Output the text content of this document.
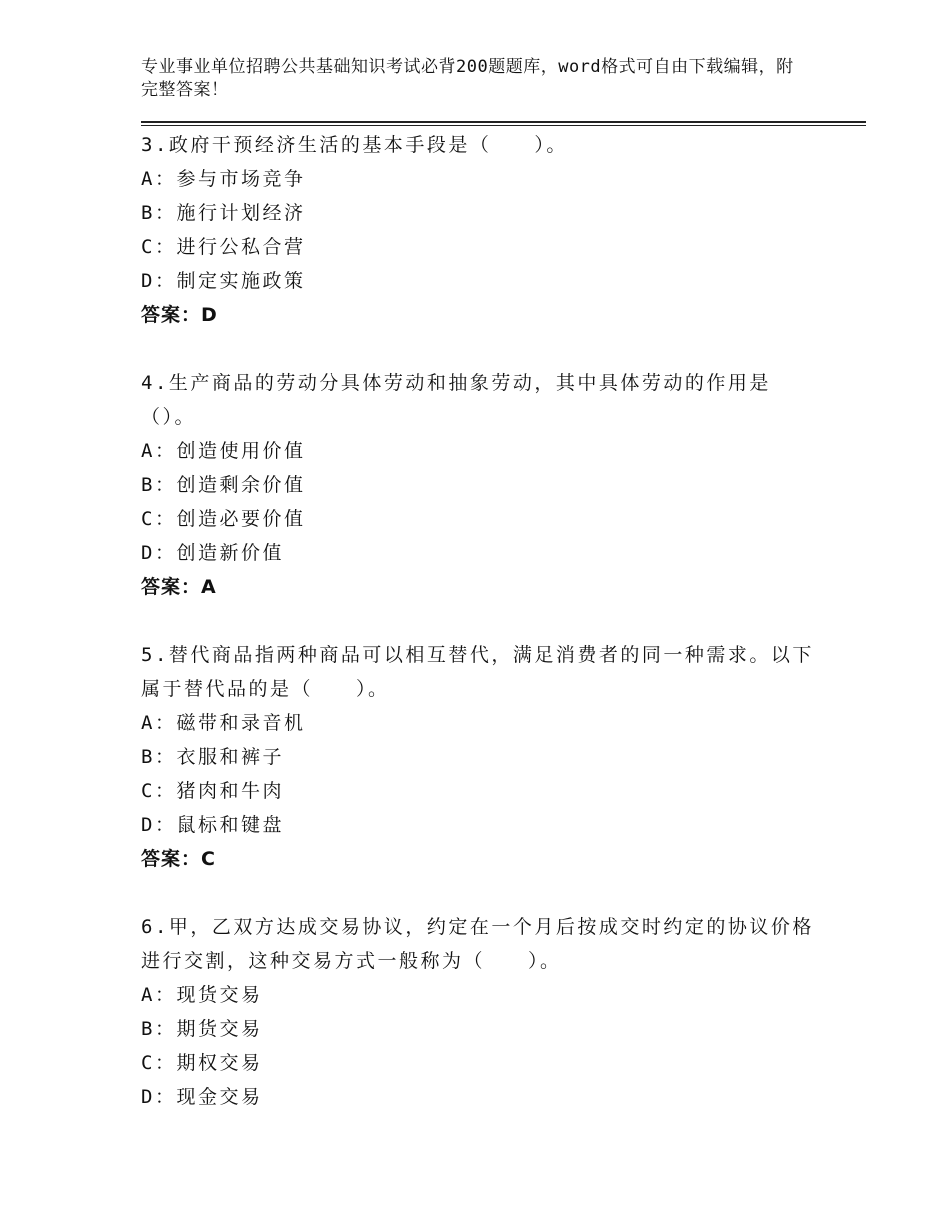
专业事业单位招聘公共基础知识考试必背200题题库，word格式可自由下载编辑，附完整答案！
3.政府干预经济生活的基本手段是（　　）。
A：参与市场竞争
B：施行计划经济
C：进行公私合营
D：制定实施政策
答案：D
4.生产商品的劳动分具体劳动和抽象劳动，其中具体劳动的作用是（）。
A：创造使用价值
B：创造剩余价值
C：创造必要价值
D：创造新价值
答案：A
5.替代商品指两种商品可以相互替代，满足消费者的同一种需求。以下属于替代品的是（　　）。
A：磁带和录音机
B：衣服和裤子
C：猪肉和牛肉
D：鼠标和键盘
答案：C
6.甲，乙双方达成交易协议，约定在一个月后按成交时约定的协议价格进行交割，这种交易方式一般称为（　　）。
A：现货交易
B：期货交易
C：期权交易
D：现金交易
